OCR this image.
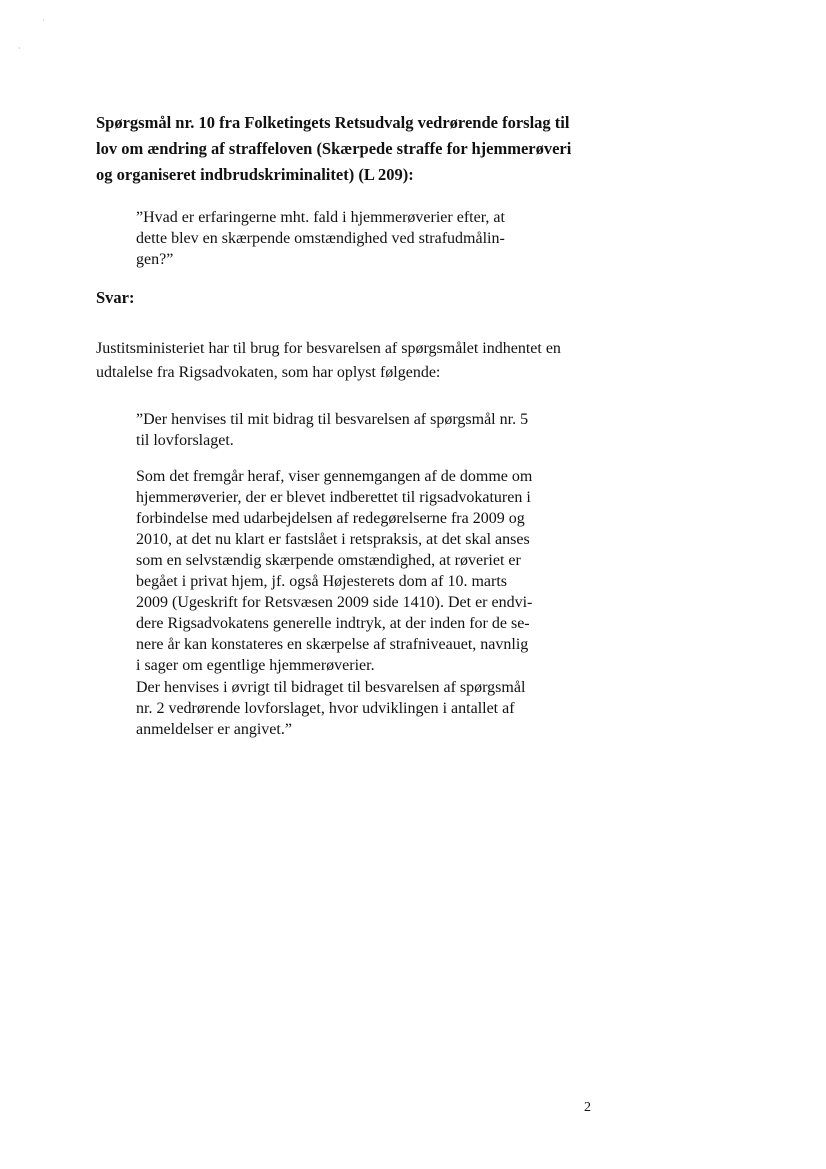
·
·
Spørgsmål nr. 10 fra Folketingets Retsudvalg vedrørende forslag til
lov om ændring af straffeloven (Skærpede straffe for hjemmerøveri
og organiseret indbrudskriminalitet) (L 209):
”Hvad er erfaringerne mht. fald i hjemmerøverier efter, at
dette blev en skærpende omstændighed ved strafudmålin-
gen?”
Svar:
Justitsministeriet har til brug for besvarelsen af spørgsmålet indhentet en
udtalelse fra Rigsadvokaten, som har oplyst følgende:
”Der henvises til mit bidrag til besvarelsen af spørgsmål nr. 5
til lovforslaget.
Som det fremgår heraf, viser gennemgangen af de domme om
hjemmerøverier, der er blevet indberettet til rigsadvokaturen i
forbindelse med udarbejdelsen af redegørelserne fra 2009 og
2010, at det nu klart er fastslået i retspraksis, at det skal anses
som en selvstændig skærpende omstændighed, at røveriet er
begået i privat hjem, jf. også Højesterets dom af 10. marts
2009 (Ugeskrift for Retsvæsen 2009 side 1410). Det er endvi-
dere Rigsadvokatens generelle indtryk, at der inden for de se-
nere år kan konstateres en skærpelse af strafniveauet, navnlig
i sager om egentlige hjemmerøverier.
Der henvises i øvrigt til bidraget til besvarelsen af spørgsmål
nr. 2 vedrørende lovforslaget, hvor udviklingen i antallet af
anmeldelser er angivet.”
2
